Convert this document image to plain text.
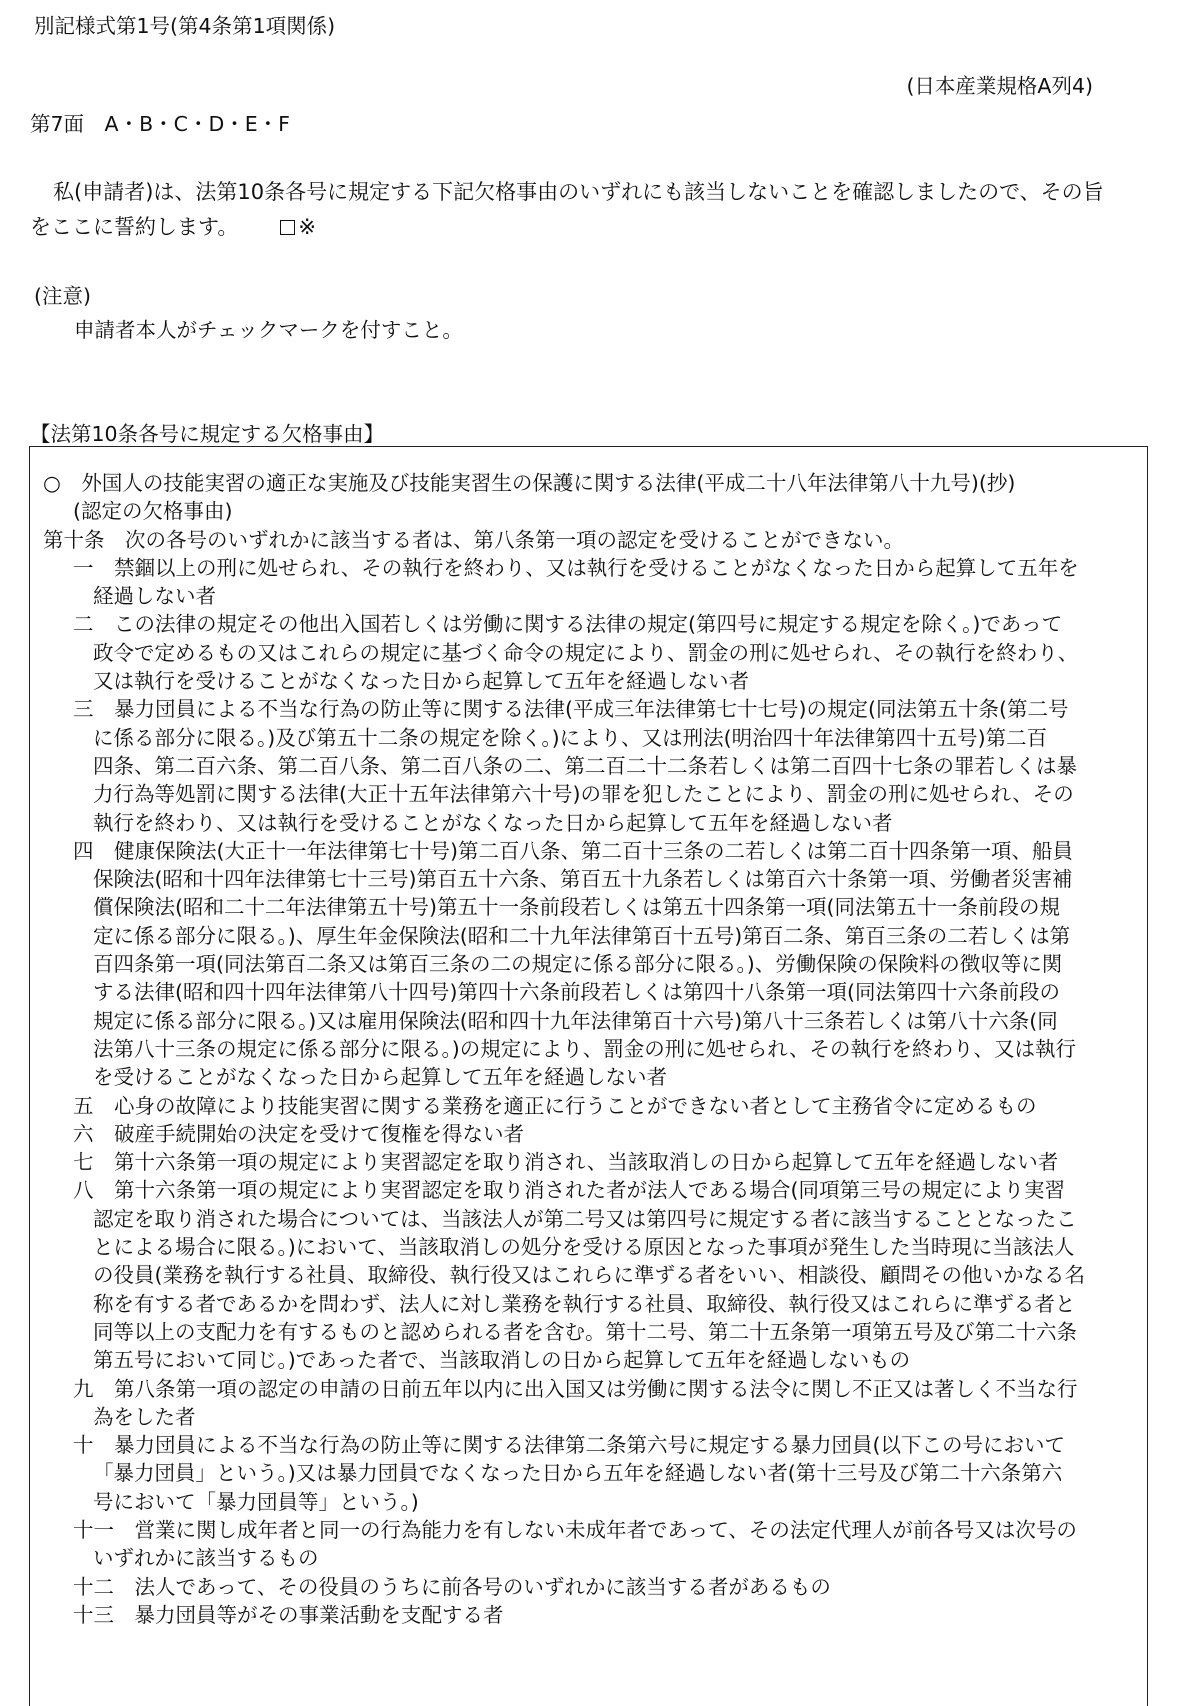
別記様式第1号(第4条第1項関係)
(日本産業規格A列4)
第7面　A・B・C・D・E・F
私(申請者)は、法第10条各号に規定する下記欠格事由のいずれにも該当しないことを確認しましたので、その旨
をここに誓約します。	※
(注意)
申請者本人がチェックマークを付すこと。
【法第10条各号に規定する欠格事由】
○　外国人の技能実習の適正な実施及び技能実習生の保護に関する法律(平成二十八年法律第八十九号)(抄)
(認定の欠格事由)
第十条　次の各号のいずれかに該当する者は、第八条第一項の認定を受けることができない。
一　禁錮以上の刑に処せられ、その執行を終わり、又は執行を受けることがなくなった日から起算して五年を
経過しない者
二　この法律の規定その他出入国若しくは労働に関する法律の規定(第四号に規定する規定を除く。)であって
政令で定めるもの又はこれらの規定に基づく命令の規定により、罰金の刑に処せられ、その執行を終わり、
又は執行を受けることがなくなった日から起算して五年を経過しない者
三　暴力団員による不当な行為の防止等に関する法律(平成三年法律第七十七号)の規定(同法第五十条(第二号
に係る部分に限る。)及び第五十二条の規定を除く。)により、又は刑法(明治四十年法律第四十五号)第二百
四条、第二百六条、第二百八条、第二百八条の二、第二百二十二条若しくは第二百四十七条の罪若しくは暴
力行為等処罰に関する法律(大正十五年法律第六十号)の罪を犯したことにより、罰金の刑に処せられ、その
執行を終わり、又は執行を受けることがなくなった日から起算して五年を経過しない者
四　健康保険法(大正十一年法律第七十号)第二百八条、第二百十三条の二若しくは第二百十四条第一項、船員
保険法(昭和十四年法律第七十三号)第百五十六条、第百五十九条若しくは第百六十条第一項、労働者災害補
償保険法(昭和二十二年法律第五十号)第五十一条前段若しくは第五十四条第一項(同法第五十一条前段の規
定に係る部分に限る。)、厚生年金保険法(昭和二十九年法律第百十五号)第百二条、第百三条の二若しくは第
百四条第一項(同法第百二条又は第百三条の二の規定に係る部分に限る。)、労働保険の保険料の徴収等に関
する法律(昭和四十四年法律第八十四号)第四十六条前段若しくは第四十八条第一項(同法第四十六条前段の
規定に係る部分に限る。)又は雇用保険法(昭和四十九年法律第百十六号)第八十三条若しくは第八十六条(同
法第八十三条の規定に係る部分に限る。)の規定により、罰金の刑に処せられ、その執行を終わり、又は執行
を受けることがなくなった日から起算して五年を経過しない者
五　心身の故障により技能実習に関する業務を適正に行うことができない者として主務省令に定めるもの
六　破産手続開始の決定を受けて復権を得ない者
七　第十六条第一項の規定により実習認定を取り消され、当該取消しの日から起算して五年を経過しない者
八　第十六条第一項の規定により実習認定を取り消された者が法人である場合(同項第三号の規定により実習
認定を取り消された場合については、当該法人が第二号又は第四号に規定する者に該当することとなったこ
とによる場合に限る。)において、当該取消しの処分を受ける原因となった事項が発生した当時現に当該法人
の役員(業務を執行する社員、取締役、執行役又はこれらに準ずる者をいい、相談役、顧問その他いかなる名
称を有する者であるかを問わず、法人に対し業務を執行する社員、取締役、執行役又はこれらに準ずる者と
同等以上の支配力を有するものと認められる者を含む。第十二号、第二十五条第一項第五号及び第二十六条
第五号において同じ。)であった者で、当該取消しの日から起算して五年を経過しないもの
九　第八条第一項の認定の申請の日前五年以内に出入国又は労働に関する法令に関し不正又は著しく不当な行
為をした者
十　暴力団員による不当な行為の防止等に関する法律第二条第六号に規定する暴力団員(以下この号において
「暴力団員」という。)又は暴力団員でなくなった日から五年を経過しない者(第十三号及び第二十六条第六
号において「暴力団員等」という。)
十一　営業に関し成年者と同一の行為能力を有しない未成年者であって、その法定代理人が前各号又は次号の
いずれかに該当するもの
十二　法人であって、その役員のうちに前各号のいずれかに該当する者があるもの
十三　暴力団員等がその事業活動を支配する者
